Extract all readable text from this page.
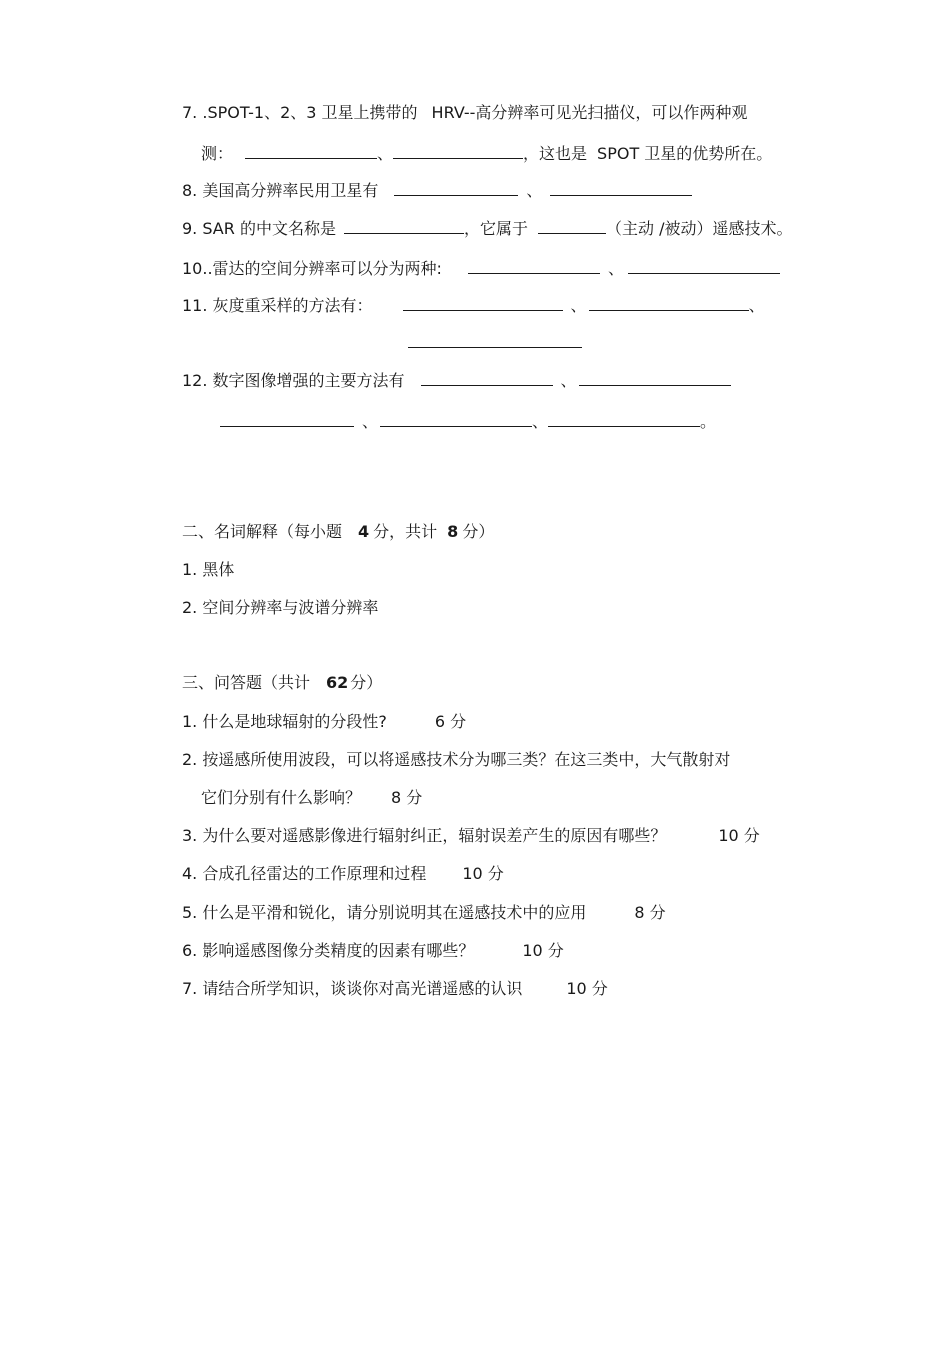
7. .SPOT-1、2、3 卫星上携带的 HRV--高分辨率可见光扫描仪，可以作两种观
测：	、	，这也是 SPOT 卫星的优势所在。
8. 美国高分辨率民用卫星有	、
9. SAR 的中文名称是	，它属于	（主动 /被动）遥感技术。
10..雷达的空间分辨率可以分为两种:	、
11. 灰度重采样的方法有：	、	、
12. 数字图像增强的主要方法有	、
、	、	。
二、名词解释（每小题 4 分，共计 8 分）
1. 黑体
2. 空间分辨率与波谱分辨率
三、问答题（共计 62 分）
1. 什么是地球辐射的分段性?	6 分
2. 按遥感所使用波段，可以将遥感技术分为哪三类？在这三类中，大气散射对
它们分别有什么影响？ 8 分
3. 为什么要对遥感影像进行辐射纠正，辐射误差产生的原因有哪些？	10 分
4. 合成孔径雷达的工作原理和过程 10 分
5. 什么是平滑和锐化，请分别说明其在遥感技术中的应用	8 分
6. 影响遥感图像分类精度的因素有哪些？	10 分
7. 请结合所学知识，谈谈你对高光谱遥感的认识	10 分
